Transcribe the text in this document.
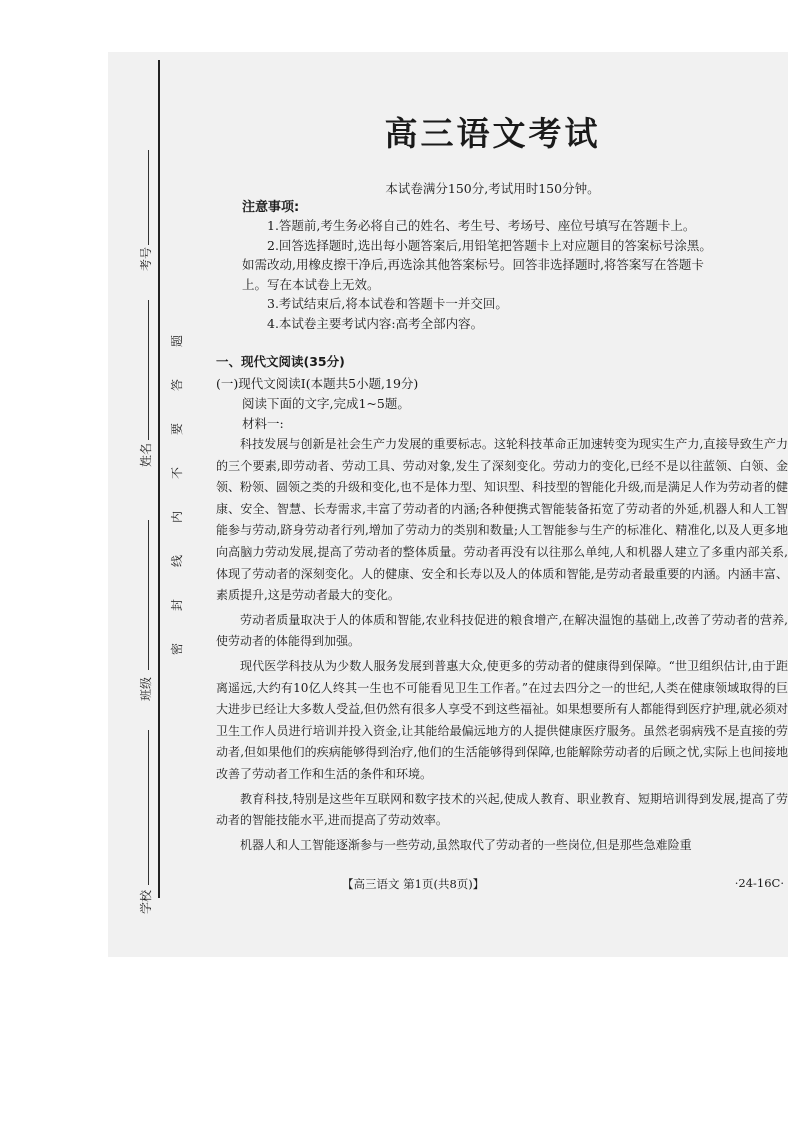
考号
姓名
班级
学校
题
答
要
不
内
线
封
密
高三语文考试
本试卷满分150分,考试用时150分钟。
注意事项:

1.答题前,考生务必将自己的姓名、考生号、考场号、座位号填写在答题卡上。

2.回答选择题时,选出每小题答案后,用铅笔把答题卡上对应题目的答案标号涂黑。如需改动,用橡皮擦干净后,再选涂其他答案标号。回答非选择题时,将答案写在答题卡上。写在本试卷上无效。

3.考试结束后,将本试卷和答题卡一并交回。

4.本试卷主要考试内容:高考全部内容。

一、现代文阅读(35分)
(一)现代文阅读Ⅰ(本题共5小题,19分)
阅读下面的文字,完成1~5题。
材料一:

科技发展与创新是社会生产力发展的重要标志。这轮科技革命正加速转变为现实生产力,直接导致生产力的三个要素,即劳动者、劳动工具、劳动对象,发生了深刻变化。劳动力的变化,已经不是以往蓝领、白领、金领、粉领、圆领之类的升级和变化,也不是体力型、知识型、科技型的智能化升级,而是满足人作为劳动者的健康、安全、智慧、长寿需求,丰富了劳动者的内涵;各种便携式智能装备拓宽了劳动者的外延,机器人和人工智能参与劳动,跻身劳动者行列,增加了劳动力的类别和数量;人工智能参与生产的标准化、精准化,以及人更多地向高脑力劳动发展,提高了劳动者的整体质量。劳动者再没有以往那么单纯,人和机器人建立了多重内部关系,体现了劳动者的深刻变化。人的健康、安全和长寿以及人的体质和智能,是劳动者最重要的内涵。内涵丰富、素质提升,这是劳动者最大的变化。

劳动者质量取决于人的体质和智能,农业科技促进的粮食增产,在解决温饱的基础上,改善了劳动者的营养,使劳动者的体能得到加强。

现代医学科技从为少数人服务发展到普惠大众,使更多的劳动者的健康得到保障。“世卫组织估计,由于距离遥远,大约有10亿人终其一生也不可能看见卫生工作者。”在过去四分之一的世纪,人类在健康领域取得的巨大进步已经让大多数人受益,但仍然有很多人享受不到这些福祉。如果想要所有人都能得到医疗护理,就必须对卫生工作人员进行培训并投入资金,让其能给最偏远地方的人提供健康医疗服务。虽然老弱病残不是直接的劳动者,但如果他们的疾病能够得到治疗,他们的生活能够得到保障,也能解除劳动者的后顾之忧,实际上也间接地改善了劳动者工作和生活的条件和环境。

教育科技,特别是这些年互联网和数字技术的兴起,使成人教育、职业教育、短期培训得到发展,提高了劳动者的智能技能水平,进而提高了劳动效率。

机器人和人工智能逐渐参与一些劳动,虽然取代了劳动者的一些岗位,但是那些急难险重

【高三语文 第1页(共8页)】	·24-16C·
